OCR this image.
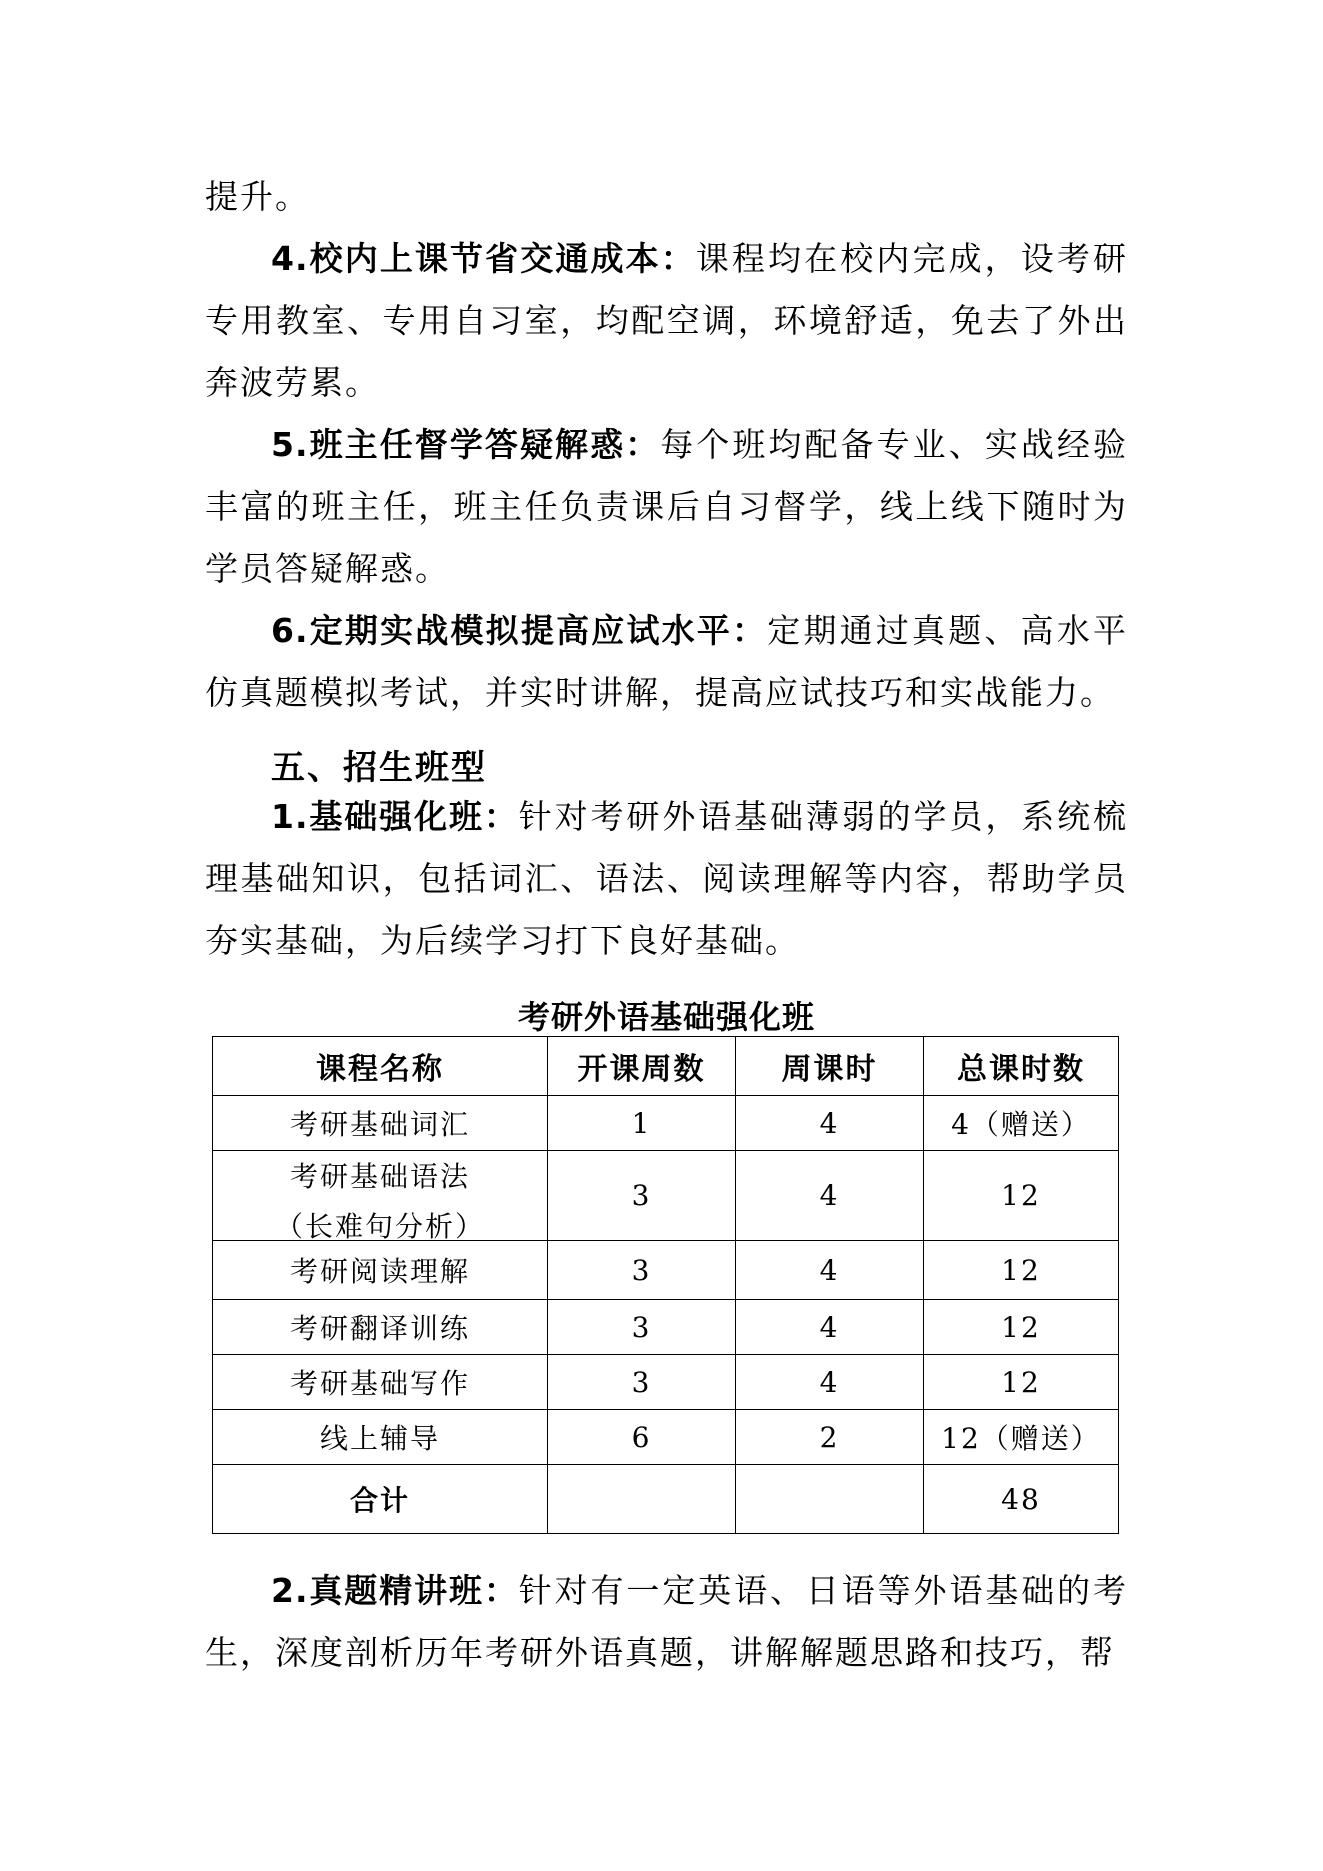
提升。

4.校内上课节省交通成本：课程均在校内完成，设考研专用教室、专用自习室，均配空调，环境舒适，免去了外出奔波劳累。

5.班主任督学答疑解惑：每个班均配备专业、实战经验丰富的班主任，班主任负责课后自习督学，线上线下随时为学员答疑解惑。

6.定期实战模拟提高应试水平：定期通过真题、高水平仿真题模拟考试，并实时讲解，提高应试技巧和实战能力。

五、招生班型

1.基础强化班：针对考研外语基础薄弱的学员，系统梳理基础知识，包括词汇、语法、阅读理解等内容，帮助学员夯实基础，为后续学习打下良好基础。

考研外语基础强化班
课程名称	开课周数	周课时	总课时数
考研基础词汇	1	4	4（赠送）

考研基础语法
（长难句分析）	3	4	12
考研阅读理解	3	4	12
考研翻译训练	3	4	12
考研基础写作	3	4	12
线上辅导	6	2	12（赠送）
合计			48

2.真题精讲班：针对有一定英语、日语等外语基础的考生，深度剖析历年考研外语真题，讲解解题思路和技巧，帮
